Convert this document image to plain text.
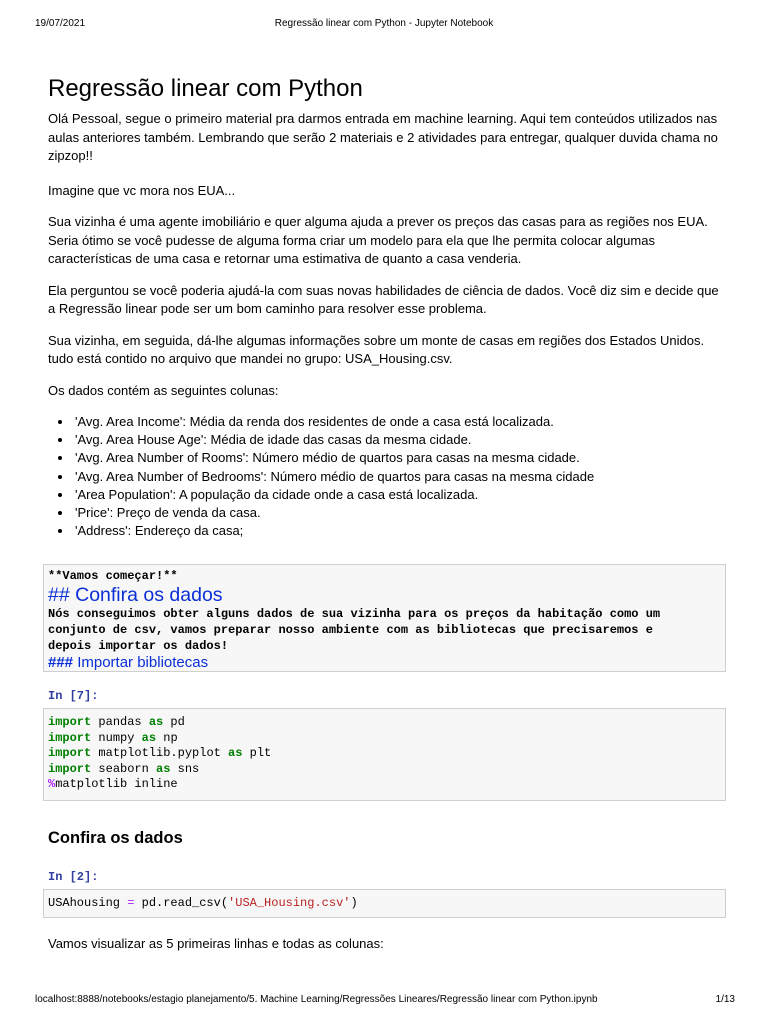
19/07/2021	Regressão linear com Python - Jupyter Notebook
Regressão linear com Python

Olá Pessoal, segue o primeiro material pra darmos entrada em machine learning. Aqui tem conteúdos utilizados nas aulas anteriores também. Lembrando que serão 2 materiais e 2 atividades para entregar, qualquer duvida chama no zipzop!!

Imagine que vc mora nos EUA...

Sua vizinha é uma agente imobiliário e quer alguma ajuda a prever os preços das casas para as regiões nos EUA. Seria ótimo se você pudesse de alguma forma criar um modelo para ela que lhe permita colocar algumas características de uma casa e retornar uma estimativa de quanto a casa venderia.

Ela perguntou se você poderia ajudá-la com suas novas habilidades de ciência de dados. Você diz sim e decide que a Regressão linear pode ser um bom caminho para resolver esse problema.

Sua vizinha, em seguida, dá-lhe algumas informações sobre um monte de casas em regiões dos Estados Unidos. tudo está contido no arquivo que mandei no grupo: USA_Housing.csv.

Os dados contém as seguintes colunas:

• 'Avg. Area Income': Média da renda dos residentes de onde a casa está localizada.
• 'Avg. Area House Age': Média de idade das casas da mesma cidade.
• 'Avg. Area Number of Rooms': Número médio de quartos para casas na mesma cidade.
• 'Avg. Area Number of Bedrooms': Número médio de quartos para casas na mesma cidade
• 'Area Population': A população da cidade onde a casa está localizada.
• 'Price': Preço de venda da casa.
• 'Address': Endereço da casa;
**Vamos começar!**
## Confira os dados
Nós conseguimos obter alguns dados de sua vizinha para os preços da habitação como um
conjunto de csv, vamos preparar nosso ambiente com as bibliotecas que precisaremos e
depois importar os dados!
### Importar bibliotecas
In [7]:
import pandas as pd
import numpy as np
import matplotlib.pyplot as plt
import seaborn as sns
%matplotlib inline
Confira os dados
In [2]:
USAhousing = pd.read_csv('USA_Housing.csv')

Vamos visualizar as 5 primeiras linhas e todas as colunas:

localhost:8888/notebooks/estagio planejamento/5. Machine Learning/Regressões Lineares/Regressão linear com Python.ipynb	1/13
